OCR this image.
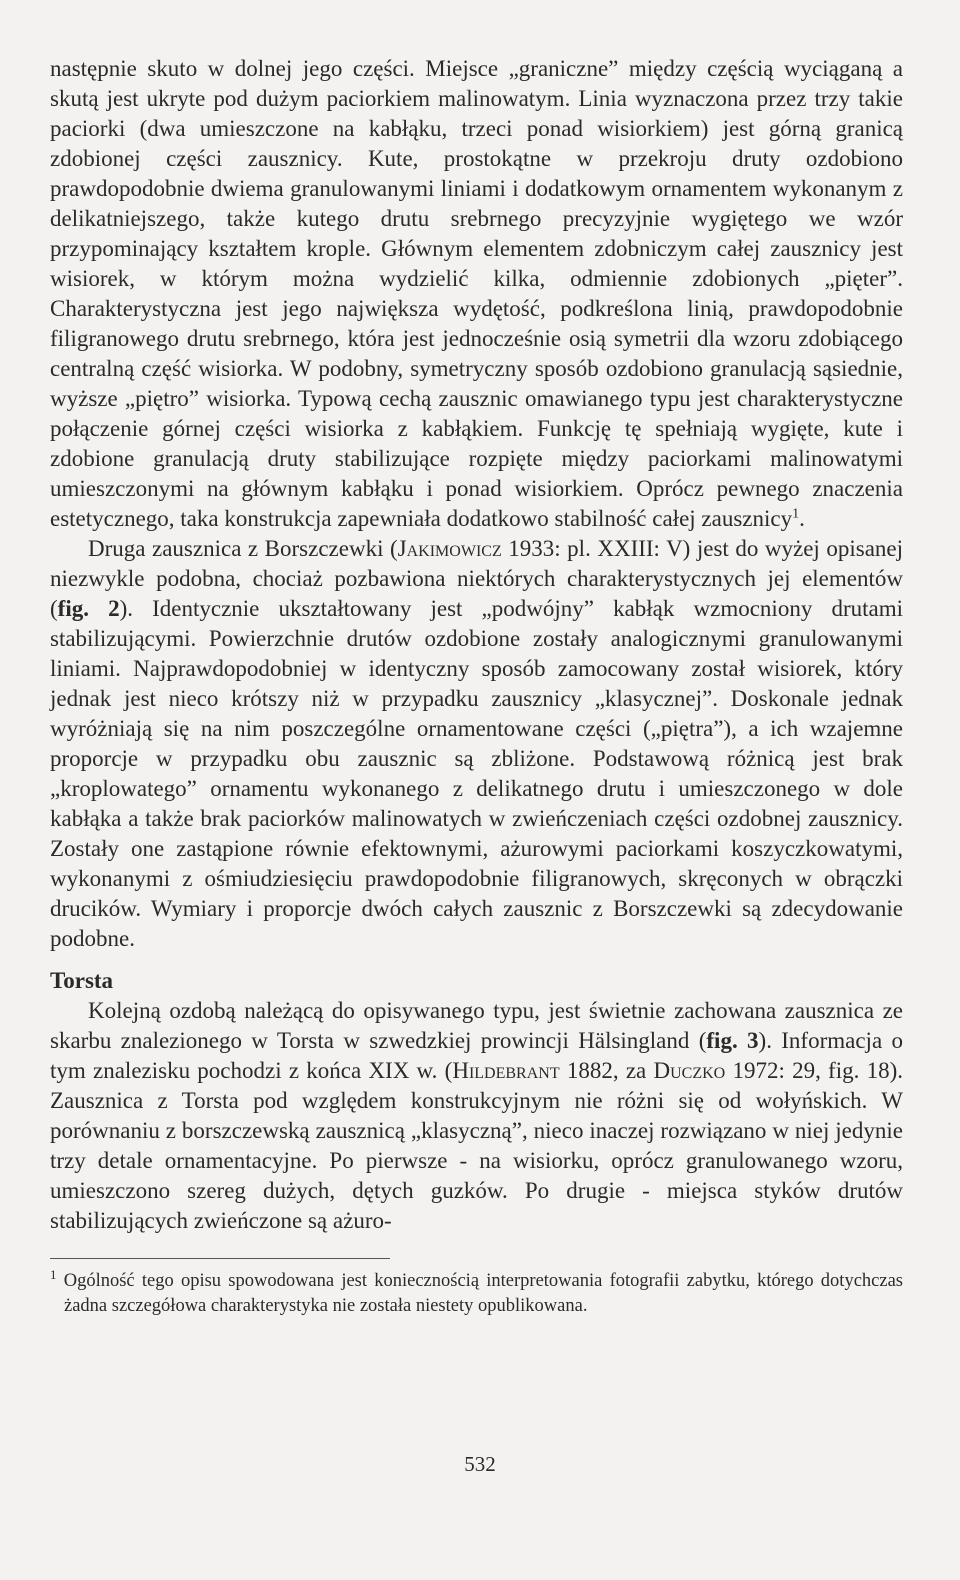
następnie skuto w dolnej jego części. Miejsce „graniczne” między częścią wyciąganą a skutą jest ukryte pod dużym paciorkiem malinowatym. Linia wyznaczona przez trzy takie paciorki (dwa umieszczone na kabłąku, trzeci ponad wisiorkiem) jest górną granicą zdobionej części zausznicy. Kute, prostokątne w przekroju druty ozdobiono prawdopodobnie dwiema granulowanymi liniami i dodatkowym ornamentem wykonanym z delikatniejszego, także kutego drutu srebrnego precyzyjnie wygiętego we wzór przypominający kształtem krople. Głównym elementem zdobniczym całej zausznicy jest wisiorek, w którym można wydzielić kilka, odmiennie zdobionych „pięter”. Charakterystyczna jest jego największa wydętość, podkreślona linią, prawdopodobnie filigranowego drutu srebrnego, która jest jednocześnie osią symetrii dla wzoru zdobiącego centralną część wisiorka. W podobny, symetryczny sposób ozdobiono granulacją sąsiednie, wyższe „piętro” wisiorka. Typową cechą zausznic omawianego typu jest charakterystyczne połączenie górnej części wisiorka z kabłąkiem. Funkcję tę spełniają wygięte, kute i zdobione granulacją druty stabilizujące rozpięte między paciorkami malinowatymi umieszczonymi na głównym kabłąku i ponad wisiorkiem. Oprócz pewnego znaczenia estetycznego, taka konstrukcja zapewniała dodatkowo stabilność całej zausznicy$^1$.

Druga zausznica z Borszczewki (Jakimowicz 1933: pl. XXIII: V) jest do wyżej opisanej niezwykle podobna, chociaż pozbawiona niektórych charakterystycznych jej elementów (fig. 2). Identycznie ukształtowany jest „podwójny” kabłąk wzmocniony drutami stabilizującymi. Powierzchnie drutów ozdobione zostały analogicznymi granulowanymi liniami. Najprawdopodobniej w identyczny sposób zamocowany został wisiorek, który jednak jest nieco krótszy niż w przypadku zausznicy „klasycznej”. Doskonale jednak wyróżniają się na nim poszczególne ornamentowane części („piętra”), a ich wzajemne proporcje w przypadku obu zausznic są zbliżone. Podstawową różnicą jest brak „kroplowatego” ornamentu wykonanego z delikatnego drutu i umieszczonego w dole kabłąka a także brak paciorków malinowatych w zwieńczeniach części ozdobnej zausznicy. Zostały one zastąpione równie efektownymi, ażurowymi paciorkami koszyczkowatymi, wykonanymi z ośmiudziesięciu prawdopodobnie filigranowych, skręconych w obrączki drucików. Wymiary i proporcje dwóch całych zausznic z Borszczewki są zdecydowanie podobne.

Torsta

Kolejną ozdobą należącą do opisywanego typu, jest świetnie zachowana zausznica ze skarbu znalezionego w Torsta w szwedzkiej prowincji Hälsingland (fig. 3). Informacja o tym znalezisku pochodzi z końca XIX w. (Hildebrant 1882, za Duczko 1972: 29, fig. 18). Zausznica z Torsta pod względem konstrukcyjnym nie różni się od wołyńskich. W porównaniu z borszczewską zausznicą „klasyczną”, nieco inaczej rozwiązano w niej jedynie trzy detale ornamentacyjne. Po pierwsze - na wisiorku, oprócz granulowanego wzoru, umieszczono szereg dużych, dętych guzków. Po drugie - miejsca styków drutów stabilizujących zwieńczone są ażuro-

$^1$ Ogólność tego opisu spowodowana jest koniecznością interpretowania fotografii zabytku, którego dotychczas żadna szczegółowa charakterystyka nie została niestety opublikowana.

532
